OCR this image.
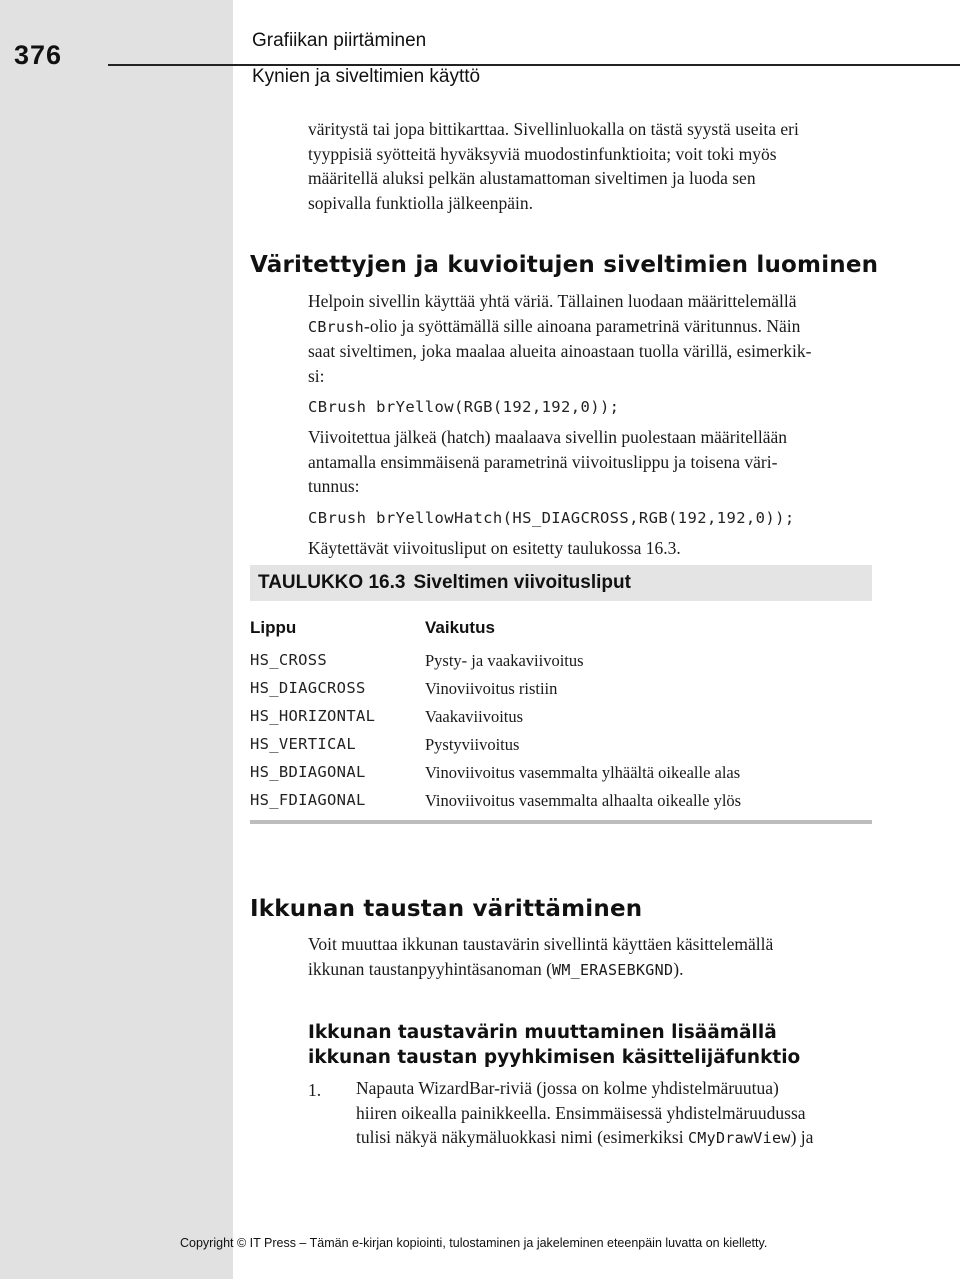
376	Grafiikan piirtäminen
Kynien ja siveltimien käyttö
väritystä tai jopa bittikarttaa. Sivellinluokalla on tästä syystä useita eri
tyyppisiä syötteitä hyväksyviä muodostinfunktioita; voit toki myös
määritellä aluksi pelkän alustamattoman siveltimen ja luoda sen
sopivalla funktiolla jälkeenpäin.
Väritettyjen ja kuvioitujen siveltimien luominen
Helpoin sivellin käyttää yhtä väriä. Tällainen luodaan määrittelemällä
CBrush-olio ja syöttämällä sille ainoana parametrinä väritunnus. Näin
saat siveltimen, joka maalaa alueita ainoastaan tuolla värillä, esimerkik-
si:
CBrush brYellow(RGB(192,192,0));
Viivoitettua jälkeä (hatch) maalaava sivellin puolestaan määritellään
antamalla ensimmäisenä parametrinä viivoituslippu ja toisena väri-
tunnus:
CBrush brYellowHatch(HS_DIAGCROSS,RGB(192,192,0));
Käytettävät viivoitusliput on esitetty taulukossa 16.3.
TAULUKKO 16.3 Siveltimen viivoitusliput
Lippu	Vaikutus
HS_CROSS	Pysty- ja vaakaviivoitus
HS_DIAGCROSS	Vinoviivoitus ristiin
HS_HORIZONTAL	Vaakaviivoitus
HS_VERTICAL	Pystyviivoitus
HS_BDIAGONAL	Vinoviivoitus vasemmalta ylhäältä oikealle alas
HS_FDIAGONAL	Vinoviivoitus vasemmalta alhaalta oikealle ylös
Ikkunan taustan värittäminen
Voit muuttaa ikkunan taustavärin sivellintä käyttäen käsittelemällä
ikkunan taustanpyyhintäsanoman (WM_ERASEBKGND).
Ikkunan taustavärin muuttaminen lisäämällä
ikkunan taustan pyyhkimisen käsittelijäfunktio
1. Napauta WizardBar-riviä (jossa on kolme yhdistelmäruutua)
hiiren oikealla painikkeella. Ensimmäisessä yhdistelmäruudussa
tulisi näkyä näkymäluokkasi nimi (esimerkiksi CMyDrawView) ja
Copyright © IT Press – Tämän e-kirjan kopiointi, tulostaminen ja jakeleminen eteenpäin luvatta on kielletty.
